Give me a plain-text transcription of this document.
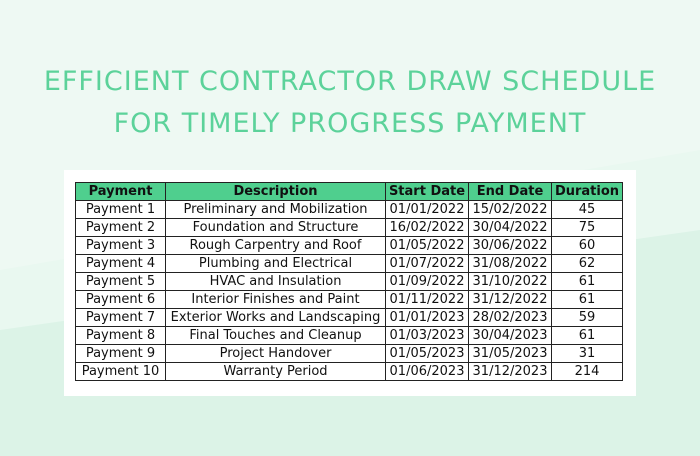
EFFICIENT CONTRACTOR DRAW SCHEDULE
FOR TIMELY PROGRESS PAYMENT
Payment	Description	Start Date	End Date	Duration
Payment 1	Preliminary and Mobilization	01/01/2022	15/02/2022	45
Payment 2	Foundation and Structure	16/02/2022	30/04/2022	75
Payment 3	Rough Carpentry and Roof	01/05/2022	30/06/2022	60
Payment 4	Plumbing and Electrical	01/07/2022	31/08/2022	62
Payment 5	HVAC and Insulation	01/09/2022	31/10/2022	61
Payment 6	Interior Finishes and Paint	01/11/2022	31/12/2022	61
Payment 7	Exterior Works and Landscaping	01/01/2023	28/02/2023	59
Payment 8	Final Touches and Cleanup	01/03/2023	30/04/2023	61
Payment 9	Project Handover	01/05/2023	31/05/2023	31
Payment 10	Warranty Period	01/06/2023	31/12/2023	214
